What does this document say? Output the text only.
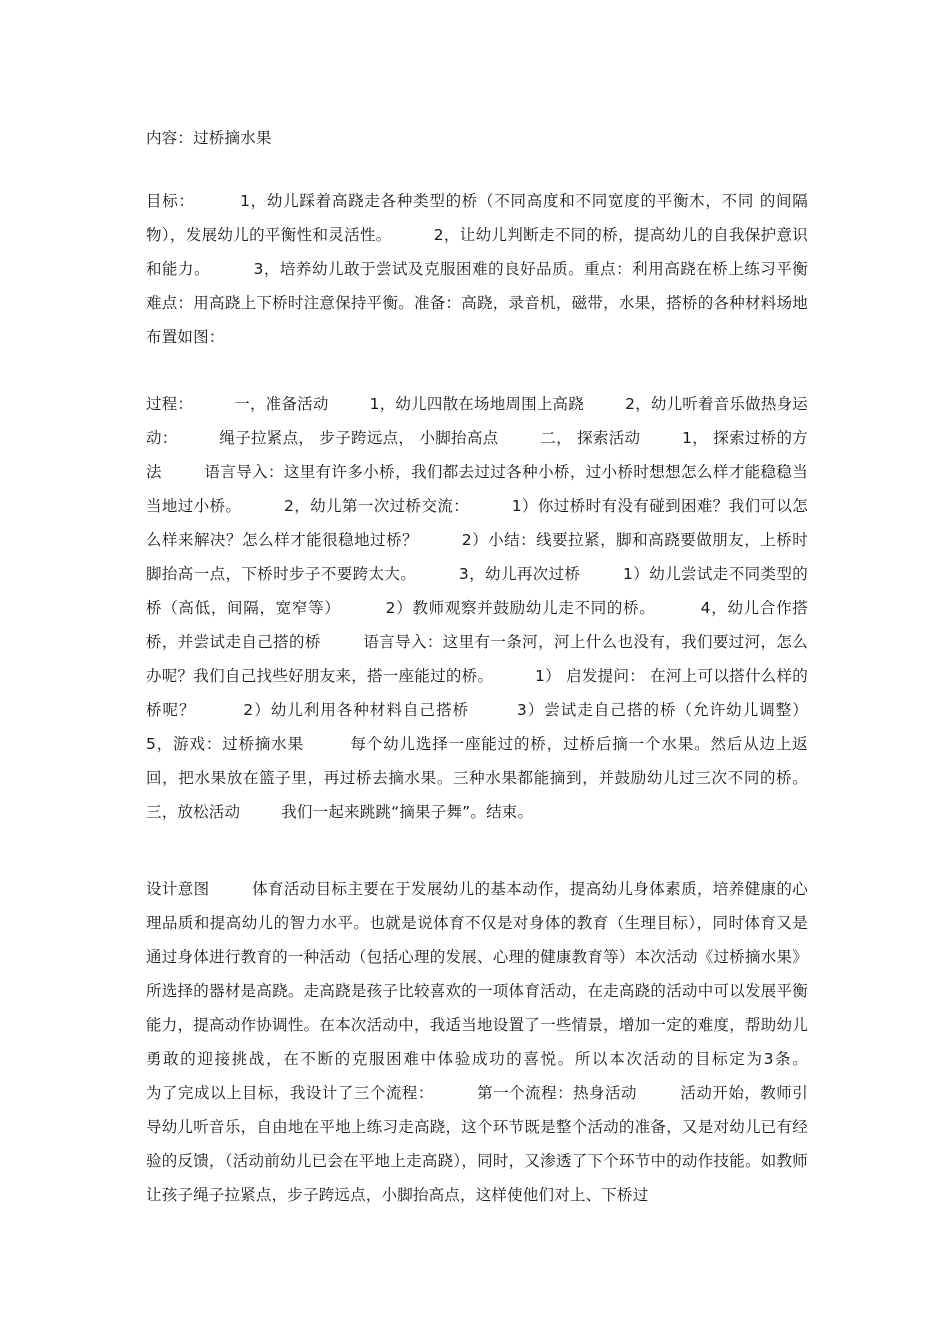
内容：过桥摘水果
目标：        1，幼儿踩着高跷走各种类型的桥（不同高度和不同宽度的平衡木，不同 的间隔物），发展幼儿的平衡性和灵活性。        2，让幼儿判断走不同的桥，提高幼儿的自我保护意识和能力。        3，培养幼儿敢于尝试及克服困难的良好品质。重点：利用高跷在桥上练习平衡难点：用高跷上下桥时注意保持平衡。准备：高跷，录音机，磁带，水果，搭桥的各种材料场地布置如图：
过程：        一，准备活动        1，幼儿四散在场地周围上高跷        2，幼儿听着音乐做热身运动：        绳子拉紧点， 步子跨远点， 小脚抬高点        二， 探索活动        1， 探索过桥的方法        语言导入：这里有许多小桥，我们都去过过各种小桥，过小桥时想想怎么样才能稳稳当当地过小桥。        2，幼儿第一次过桥交流：        1）你过桥时有没有碰到困难？我们可以怎么样来解决？怎么样才能很稳地过桥？        2）小结：线要拉紧，脚和高跷要做朋友，上桥时脚抬高一点，下桥时步子不要跨太大。        3，幼儿再次过桥        1）幼儿尝试走不同类型的桥（高低，间隔，宽窄等）        2）教师观察并鼓励幼儿走不同的桥。        4，幼儿合作搭桥，并尝试走自己搭的桥        语言导入：这里有一条河，河上什么也没有，我们要过河，怎么办呢？我们自己找些好朋友来，搭一座能过的桥。        1） 启发提问： 在河上可以搭什么样的桥呢？        2）幼儿利用各种材料自己搭桥        3）尝试走自己搭的桥（允许幼儿调整）        5，游戏：过桥摘水果        每个幼儿选择一座能过的桥，过桥后摘一个水果。然后从边上返回，把水果放在篮子里，再过桥去摘水果。三种水果都能摘到，并鼓励幼儿过三次不同的桥。        三，放松活动        我们一起来跳跳“摘果子舞”。结束。
设计意图        体育活动目标主要在于发展幼儿的基本动作，提高幼儿身体素质，培养健康的心理品质和提高幼儿的智力水平。也就是说体育不仅是对身体的教育（生理目标），同时体育又是通过身体进行教育的一种活动（包括心理的发展、心理的健康教育等）本次活动《过桥摘水果》所选择的器材是高跷。走高跷是孩子比较喜欢的一项体育活动，在走高跷的活动中可以发展平衡能力，提高动作协调性。在本次活动中，我适当地设置了一些情景，增加一定的难度，帮助幼儿勇敢的迎接挑战，在不断的克服困难中体验成功的喜悦。所以本次活动的目标定为3条。        为了完成以上目标，我设计了三个流程：        第一个流程：热身活动        活动开始，教师引导幼儿听音乐，自由地在平地上练习走高跷，这个环节既是整个活动的准备，又是对幼儿已有经验的反馈，（活动前幼儿已会在平地上走高跷），同时，又渗透了下个环节中的动作技能。如教师让孩子绳子拉紧点，步子跨远点，小脚抬高点，这样使他们对上、下桥过
